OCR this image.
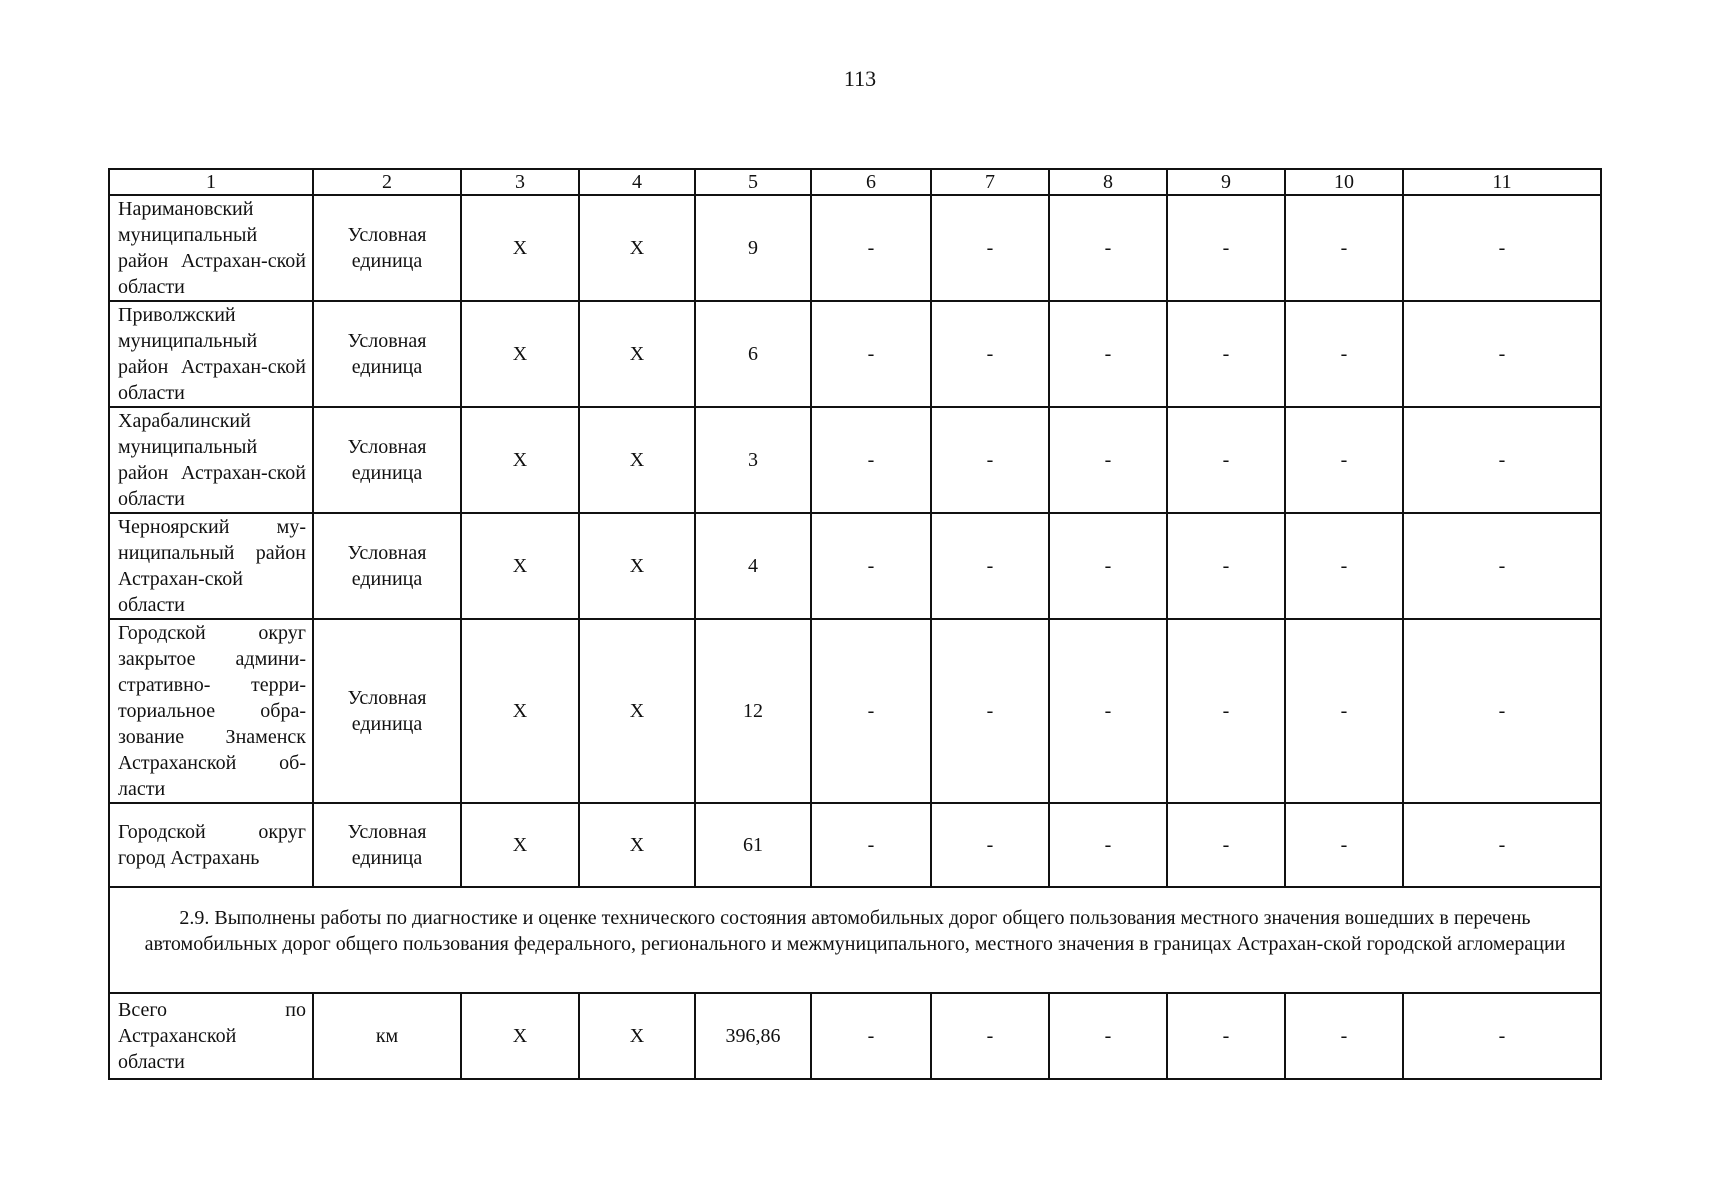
113
1	2	3	4	5	6	7	8	9	10	11
Наримановский муниципальный район Астрахан-ской области	Условная единица	Х	Х	9	-	-	-	-	-	-
Приволжский муниципальный район Астрахан-ской области	Условная единица	Х	Х	6	-	-	-	-	-	-
Харабалинский муниципальный район Астрахан-ской области	Условная единица	Х	Х	3	-	-	-	-	-	-
Черноярский му-ниципальный район Астрахан-ской области	Условная единица	Х	Х	4	-	-	-	-	-	-
Городской округ закрытое админи-стративно- терри-ториальное обра-зование Знаменск Астраханской об-ласти	Условная единица	Х	Х	12	-	-	-	-	-	-
Городской округ город Астрахань	Условная единица	Х	Х	61	-	-	-	-	-	-
2.9. Выполнены работы по диагностике и оценке технического состояния автомобильных дорог общего пользования местного значения вошедших в перечень автомобильных дорог общего пользования федерального, регионального и межмуниципального, местного значения в границах Астрахан-ской городской агломерации										
Всего по Астраханской области	км	Х	Х	396,86	-	-	-	-	-	-
